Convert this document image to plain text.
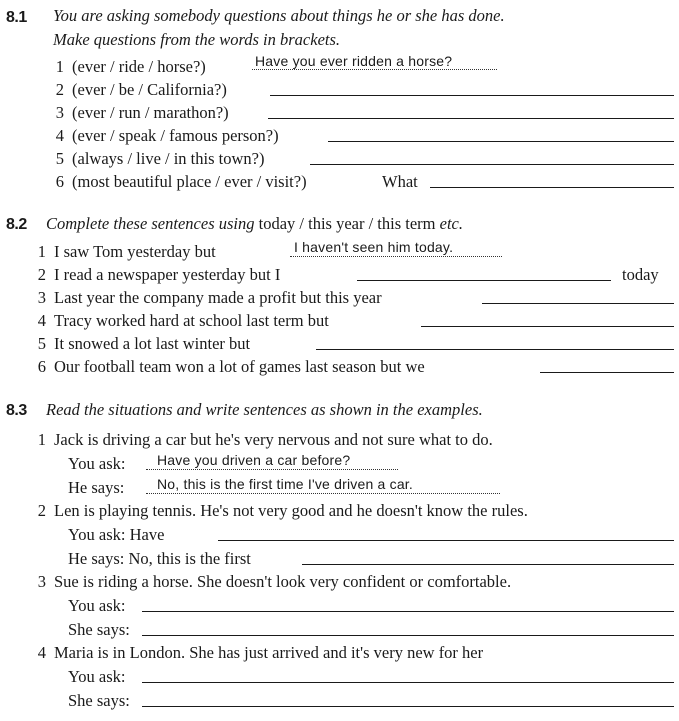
8.1 You are asking somebody questions about things he or she has done.
Make questions from the words in brackets.
1 (ever / ride / horse?)	Have you ever ridden a horse?
2 (ever / be / California?)
3 (ever / run / marathon?)
4 (ever / speak / famous person?)
5 (always / live / in this town?)
6 (most beautiful place / ever / visit?)	What
8.2 Complete these sentences using today / this year / this term etc.
1 I saw Tom yesterday but	I haven't seen him today.
2 I read a newspaper yesterday but I	today
3 Last year the company made a profit but this year
4 Tracy worked hard at school last term but
5 It snowed a lot last winter but
6 Our football team won a lot of games last season but we
8.3 Read the situations and write sentences as shown in the examples.
1 Jack is driving a car but he's very nervous and not sure what to do.
You ask: Have you driven a car before?
He says: No, this is the first time I've driven a car.
2 Len is playing tennis. He's not very good and he doesn't know the rules.
You ask: Have
He says: No, this is the first
3 Sue is riding a horse. She doesn't look very confident or comfortable.
You ask:
She says:
4 Maria is in London. She has just arrived and it's very new for her
You ask:
She says:
